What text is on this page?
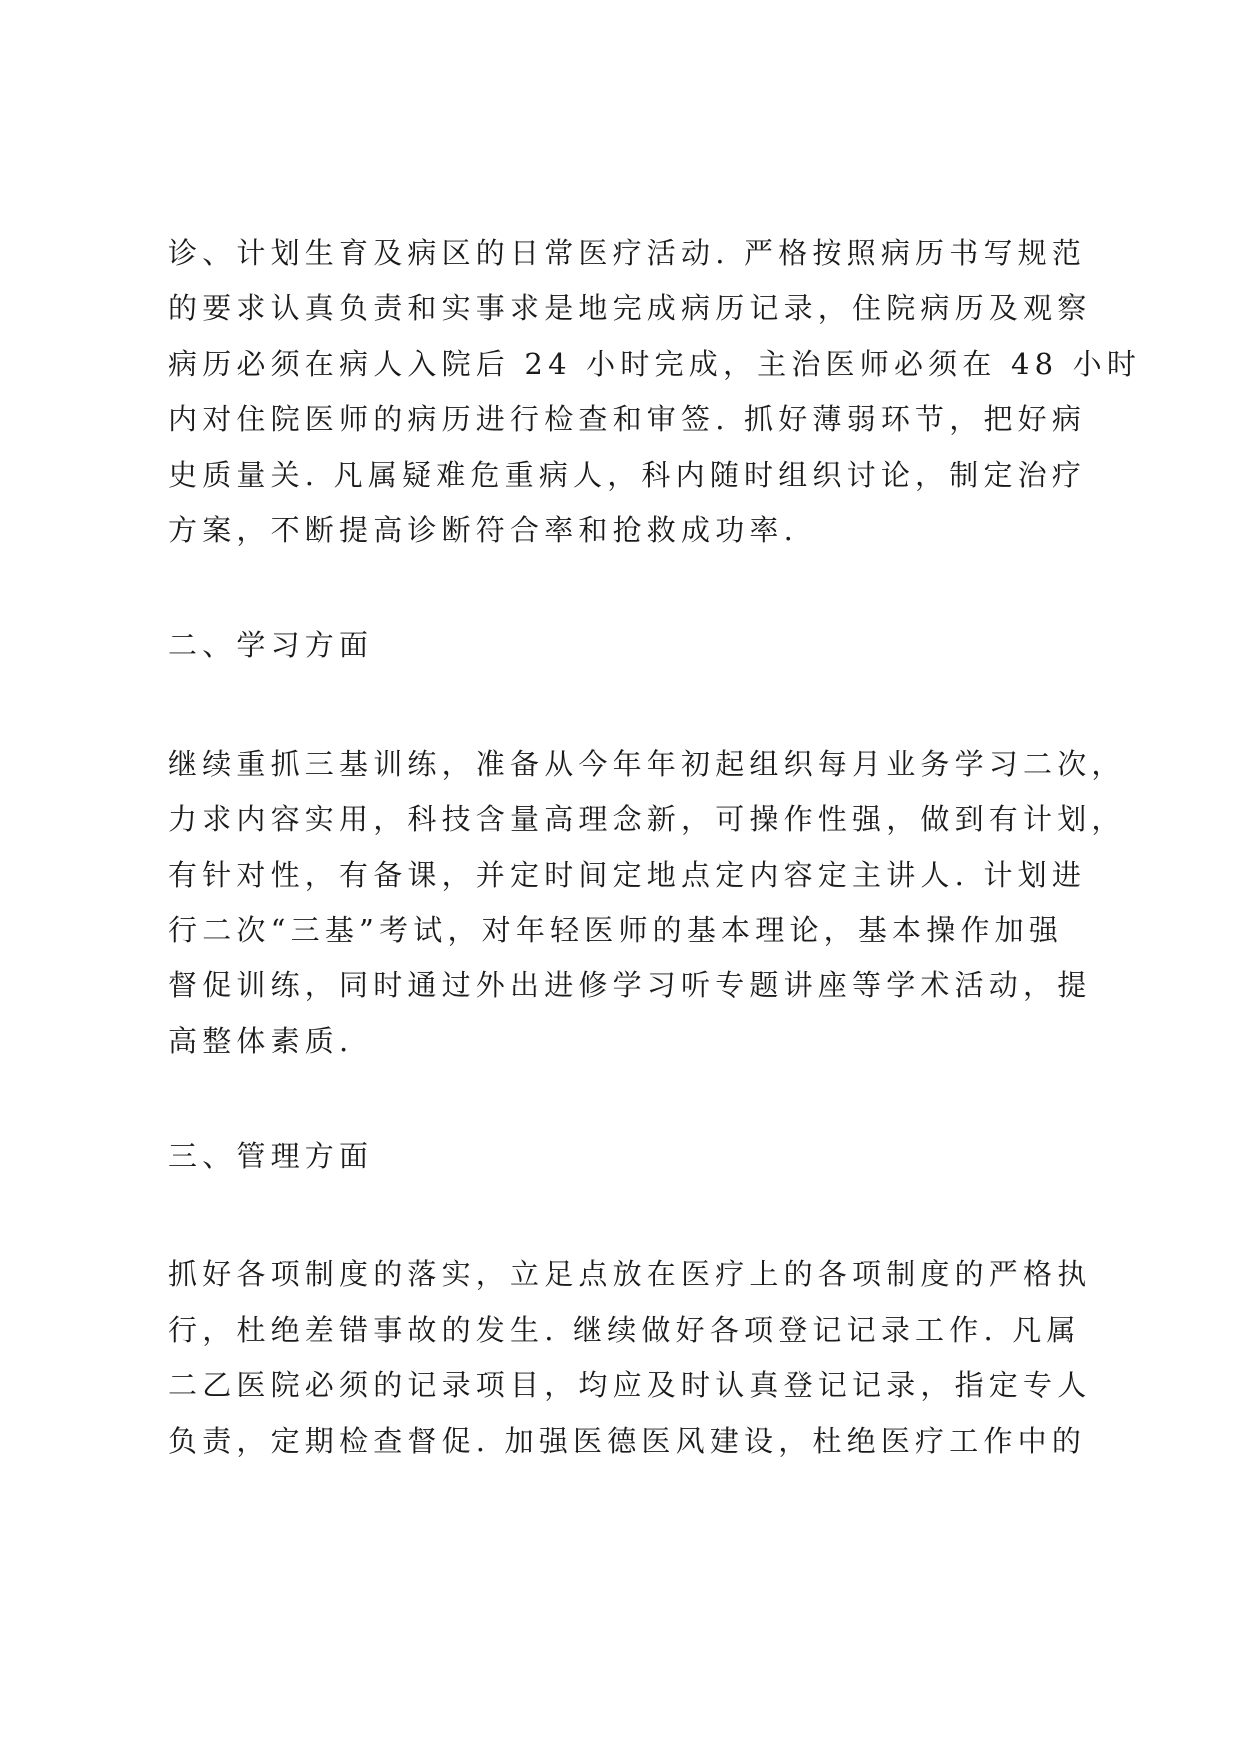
诊、计划生育及病区的日常医疗活动. 严格按照病历书写规范
的要求认真负责和实事求是地完成病历记录，住院病历及观察
病历必须在病人入院后 24 小时完成，主治医师必须在 48 小时
内对住院医师的病历进行检查和审签. 抓好薄弱环节，把好病
史质量关. 凡属疑难危重病人，科内随时组织讨论，制定治疗
方案，不断提高诊断符合率和抢救成功率.
二、学习方面
继续重抓三基训练，准备从今年年初起组织每月业务学习二次，
力求内容实用，科技含量高理念新，可操作性强，做到有计划，
有针对性，有备课，并定时间定地点定内容定主讲人. 计划进
行二次“三基”考试，对年轻医师的基本理论，基本操作加强
督促训练，同时通过外出进修学习听专题讲座等学术活动，提
高整体素质.
三、管理方面
抓好各项制度的落实，立足点放在医疗上的各项制度的严格执
行，杜绝差错事故的发生. 继续做好各项登记记录工作. 凡属
二乙医院必须的记录项目，均应及时认真登记记录，指定专人
负责，定期检查督促. 加强医德医风建设，杜绝医疗工作中的
